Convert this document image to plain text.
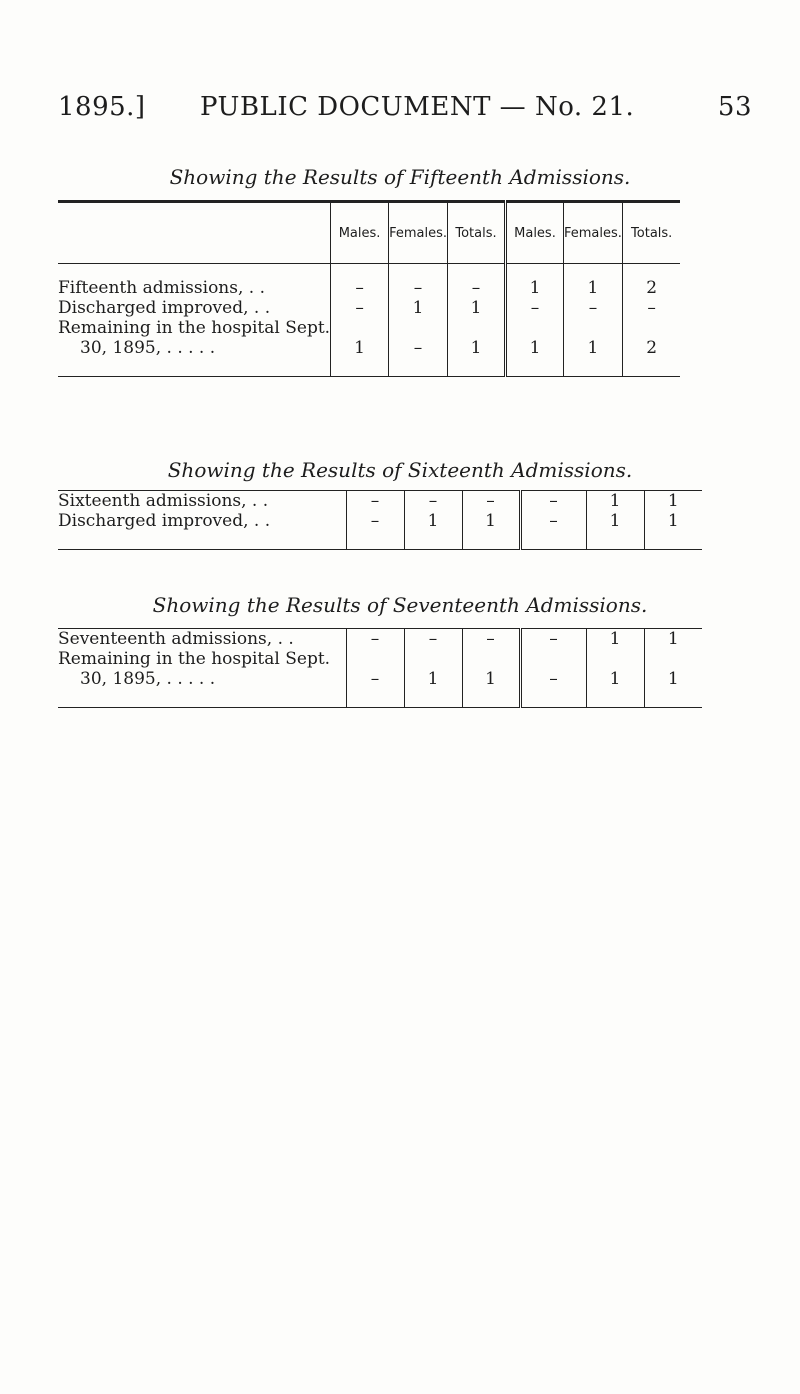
1895.] PUBLIC DOCUMENT — No. 21.	53
Showing the Results of Fifteenth Admissions.
	Males.	Females.	Totals.	Males.	Females.	Totals.

Fifteenth admissions, . .	–	–	–	1	1	2

Discharged improved, . .	–	1	1	–	–	–

Remaining in the hospital Sept.
30, 1895, . . . . .	1	–	1	1	1	2
Showing the Results of Sixteenth Admissions.
Sixteenth admissions, . .	–	–	–	–	1	1

Discharged improved, . .	–	1	1	–	1	1
Showing the Results of Seventeenth Admissions.
Seventeenth admissions, . .	–	–	–	–	1	1

Remaining in the hospital Sept.
30, 1895, . . . . .	–	1	1	–	1	1
